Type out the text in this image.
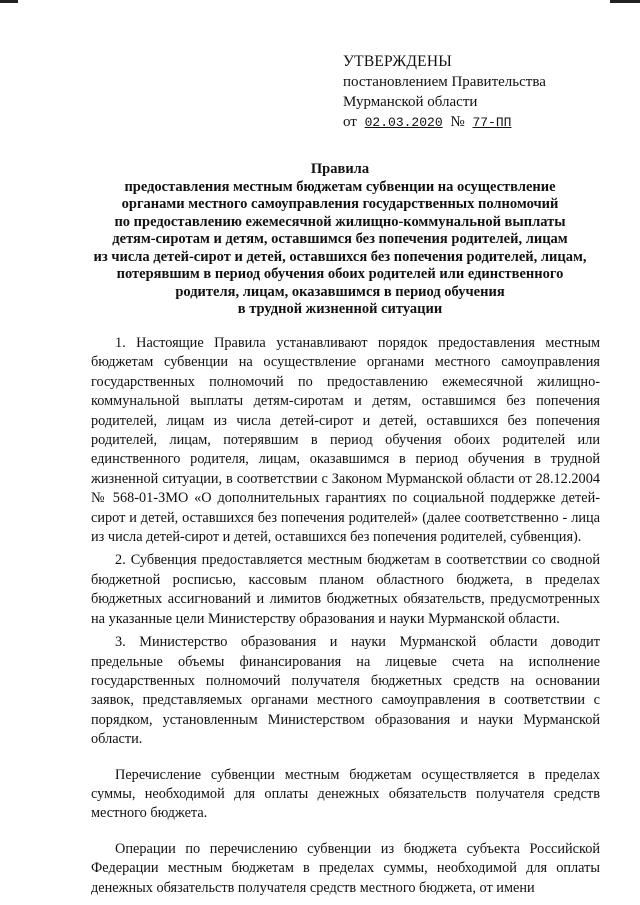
УТВЕРЖДЕНЫ
постановлением Правительства
Мурманской области
от 02.03.2020 № 77-ПП
Правила
предоставления местным бюджетам субвенции на осуществление
органами местного самоуправления государственных полномочий
по предоставлению ежемесячной жилищно-коммунальной выплаты
детям-сиротам и детям, оставшимся без попечения родителей, лицам
из числа детей-сирот и детей, оставшихся без попечения родителей, лицам,
потерявшим в период обучения обоих родителей или единственного
родителя, лицам, оказавшимся в период обучения
в трудной жизненной ситуации

1. Настоящие Правила устанавливают порядок предоставления местным бюджетам субвенции на осуществление органами местного самоуправления государственных полномочий по предоставлению ежемесячной жилищно-коммунальной выплаты детям-сиротам и детям, оставшимся без попечения родителей, лицам из числа детей-сирот и детей, оставшихся без попечения родителей, лицам, потерявшим в период обучения обоих родителей или единственного родителя, лицам, оказавшимся в период обучения в трудной жизненной ситуации, в соответствии с Законом Мурманской области от 28.12.2004 № 568-01-ЗМО «О дополнительных гарантиях по социальной поддержке детей-сирот и детей, оставшихся без попечения родителей» (далее соответственно - лица из числа детей-сирот и детей, оставшихся без попечения родителей, субвенция).

2. Субвенция предоставляется местным бюджетам в соответствии со сводной бюджетной росписью, кассовым планом областного бюджета, в пределах бюджетных ассигнований и лимитов бюджетных обязательств, предусмотренных на указанные цели Министерству образования и науки Мурманской области.

3. Министерство образования и науки Мурманской области доводит предельные объемы финансирования на лицевые счета на исполнение государственных полномочий получателя бюджетных средств на основании заявок, представляемых органами местного самоуправления в соответствии с порядком, установленным Министерством образования и науки Мурманской области.

Перечисление субвенции местным бюджетам осуществляется в пределах суммы, необходимой для оплаты денежных обязательств получателя средств местного бюджета.

Операции по перечислению субвенции из бюджета субъекта Российской Федерации местным бюджетам в пределах суммы, необходимой для оплаты денежных обязательств получателя средств местного бюджета, от имени
